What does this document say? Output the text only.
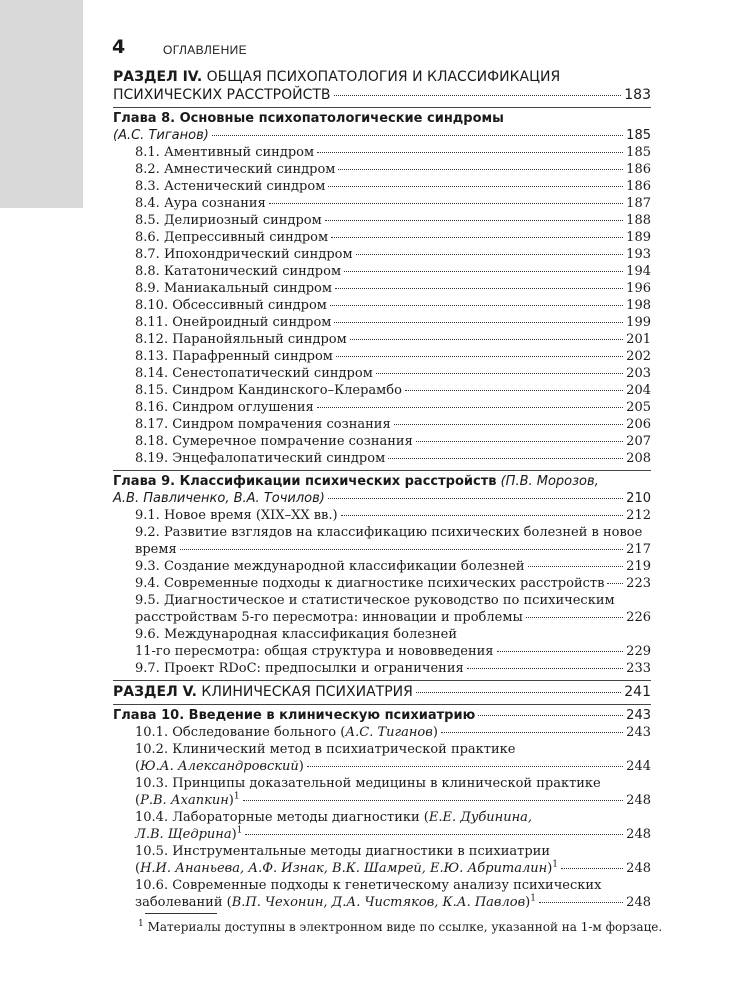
4	ОГЛАВЛЕНИЕ
РАЗДЕЛ IV. ОБЩАЯ ПСИХОПАТОЛОГИЯ И КЛАССИФИКАЦИЯ
ПСИХИЧЕСКИХ РАССТРОЙСТВ	183
Глава 8. Основные психопатологические синдромы
(А.С. Тиганов)	185
8.1. Аментивный синдром	185
8.2. Амнестический синдром	186
8.3. Астенический синдром	186
8.4. Аура сознания	187
8.5. Делириозный синдром	188
8.6. Депрессивный синдром	189
8.7. Ипохондрический синдром	193
8.8. Кататонический синдром	194
8.9. Маниакальный синдром	196
8.10. Обсессивный синдром	198
8.11. Онейроидный синдром	199
8.12. Паранойяльный синдром	201
8.13. Парафренный синдром	202
8.14. Сенестопатический синдром	203
8.15. Синдром Кандинского–Клерамбо	204
8.16. Синдром оглушения	205
8.17. Синдром помрачения сознания	206
8.18. Сумеречное помрачение сознания	207
8.19. Энцефалопатический синдром	208
Глава 9. Классификации психических расстройств (П.В. Морозов,
А.В. Павличенко, В.А. Точилов)	210
9.1. Новое время (XIX–XX вв.)	212
9.2. Развитие взглядов на классификацию психических болезней в новое
время	217
9.3. Создание международной классификации болезней	219
9.4. Современные подходы к диагностике психических расстройств 223
9.5. Диагностическое и статистическое руководство по психическим
расстройствам 5-го пересмотра: инновации и проблемы	226
9.6. Международная классификация болезней
11-го пересмотра: общая структура и нововведения	229
9.7. Проект RDoC: предпосылки и ограничения	233
РАЗДЕЛ V. КЛИНИЧЕСКАЯ ПСИХИАТРИЯ	241
Глава 10. Введение в клиническую психиатрию	243
10.1. Обследование больного (А.С. Тиганов)	243
10.2. Клинический метод в психиатрической практике
(Ю.А. Александровский)	244
10.3. Принципы доказательной медицины в клинической практике
(Р.В. Ахапкин)$^1$	248
10.4. Лабораторные методы диагностики (Е.Е. Дубинина,
Л.В. Щедрина)$^1$	248
10.5. Инструментальные методы диагностики в психиатрии
(Н.И. Ананьева, А.Ф. Изнак, В.К. Шамрей, Е.Ю. Абриталин)$^1$	248
10.6. Современные подходы к генетическому анализу психических
заболеваний (В.П. Чехонин, Д.А. Чистяков, К.А. Павлов)$^1$	248
$^1$ Материалы доступны в электронном виде по ссылке, указанной на 1-м форзаце.
